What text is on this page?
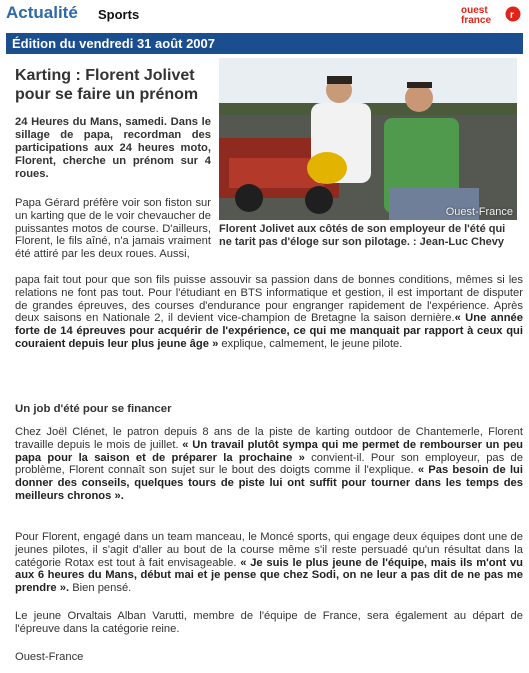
Actualité Sports	ouest
france r
Édition du vendredi 31 août 2007
Karting : Florent Jolivet pour se faire un prénom
Ouest-France

Florent Jolivet aux côtés de son employeur de l'été qui ne tarit pas d'éloge sur son pilotage. : Jean-Luc Chevy

24 Heures du Mans, samedi. Dans le sillage de papa, recordman des participations aux 24 heures moto, Florent, cherche un prénom sur 4 roues.

Papa Gérard préfère voir son fiston sur un karting que de le voir chevaucher de puissantes motos de course. D'ailleurs, Florent, le fils aîné, n'a jamais vraiment été attiré par les deux roues. Aussi,

papa fait tout pour que son fils puisse assouvir sa passion dans de bonnes conditions, mêmes si les relations ne font pas tout. Pour l'étudiant en BTS informatique et gestion, il est important de disputer de grandes épreuves, des courses d'endurance pour engranger rapidement de l'expérience. Après deux saisons en Nationale 2, il devient vice-champion de Bretagne la saison dernière.« Une année forte de 14 épreuves pour acquérir de l'expérience, ce qui me manquait par rapport à ceux qui couraient depuis leur plus jeune âge » explique, calmement, le jeune pilote.

Un job d'été pour se financer

Chez Joël Clénet, le patron depuis 8 ans de la piste de karting outdoor de Chantemerle, Florent travaille depuis le mois de juillet. « Un travail plutôt sympa qui me permet de rembourser un peu papa pour la saison et de préparer la prochaine » convient-il. Pour son employeur, pas de problème, Florent connaît son sujet sur le bout des doigts comme il l'explique. « Pas besoin de lui donner des conseils, quelques tours de piste lui ont suffit pour tourner dans les temps des meilleurs chronos ».

Pour Florent, engagé dans un team manceau, le Moncé sports, qui engage deux équipes dont une de jeunes pilotes, il s'agit d'aller au bout de la course même s'il reste persuadé qu'un résultat dans la catégorie Rotax est tout à fait envisageable. « Je suis le plus jeune de l'équipe, mais ils m'ont vu aux 6 heures du Mans, début mai et je pense que chez Sodi, on ne leur a pas dit de ne pas me prendre ». Bien pensé.

Le jeune Orvaltais Alban Varutti, membre de l'équipe de France, sera également au départ de l'épreuve dans la catégorie reine.

Ouest-France
